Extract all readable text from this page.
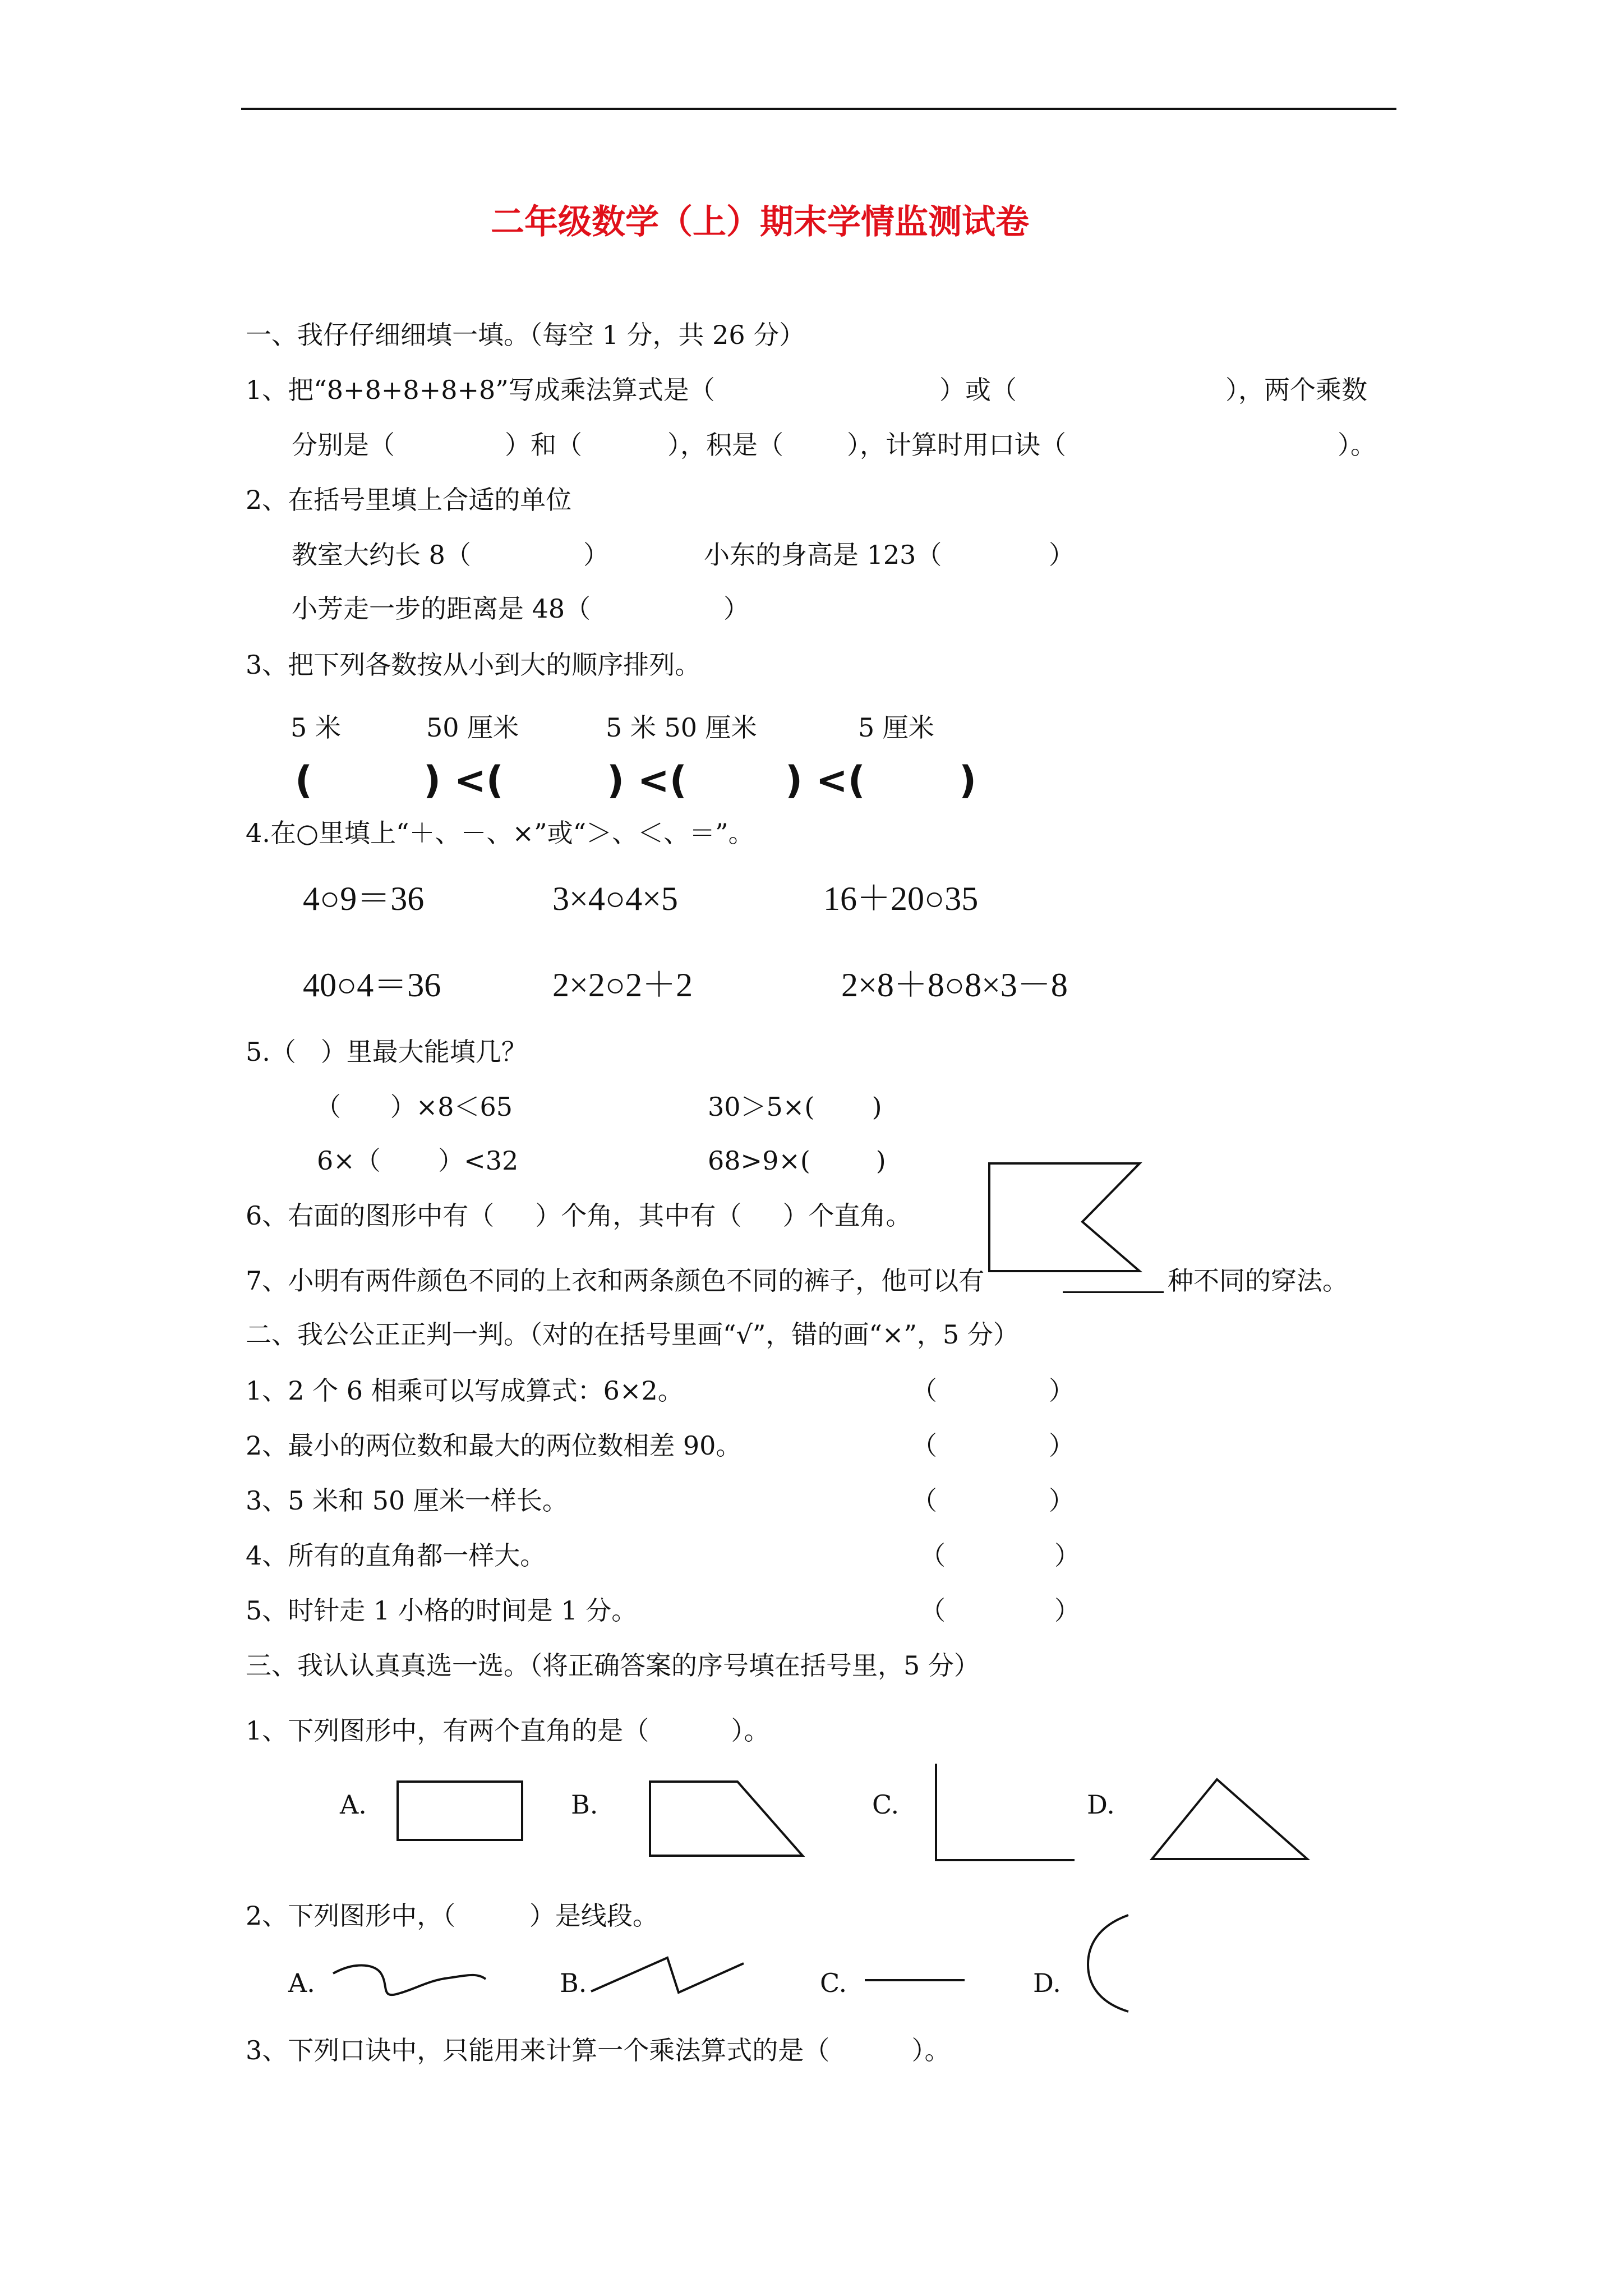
二年级数学（上）期末学情监测试卷
一、我仔仔细细填一填。（每空 1 分，共 26 分）
1、把“8+8+8+8+8”写成乘法算式是（	）或（	），两个乘数
分别是（	）和（	），积是（ ），计算时用口诀（	）。
2、在括号里填上合适的单位
教室大约长 8（	）	小东的身高是 123（	）
小芳走一步的距离是 48（	）
3、把下列各数按从小到大的顺序排列。
5 米	50 厘米	5 米 50 厘米	5 厘米
(	) <(	) <(	) <( )
4.在○里填上“＋、－、×”或“＞、＜、＝”。
4○9＝36	3×4○4×5	16＋20○35
40○4＝36	2×2○2＋2	2×8＋8○8×3－8
5.（   ）里最大能填几？
（      ）×8＜65	30＞5×(       )
6×（       ）<32	68>9×(        )
6、右面的图形中有（     ）个角，其中有（     ）个直角。
7、小明有两件颜色不同的上衣和两条颜色不同的裤子，他可以有	种不同的穿法。
二、我公公正正判一判。（对的在括号里画“√”，错的画“×”，5 分）
1、2 个 6 相乘可以写成算式：6×2。	（	）
2、最小的两位数和最大的两位数相差 90。	（	）
3、5 米和 50 厘米一样长。	（	）
4、所有的直角都一样大。	（	）
5、时针走 1 小格的时间是 1 分。	（	）
三、我认认真真选一选。（将正确答案的序号填在括号里，5 分）
1、下列图形中，有两个直角的是（          ）。
A.	B.	C.	D.
2、下列图形中，（         ）是线段。
A.	B.	C.	D.
3、下列口诀中，只能用来计算一个乘法算式的是（          ）。
